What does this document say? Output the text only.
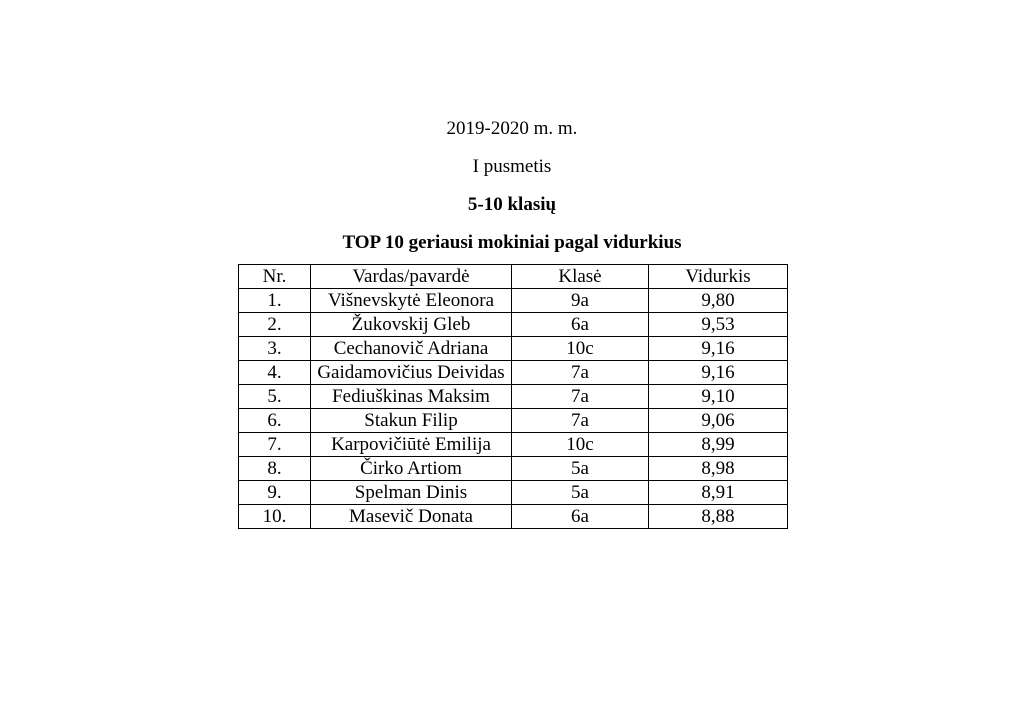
2019-2020 m. m.
I pusmetis
5-10 klasių
TOP 10 geriausi mokiniai pagal vidurkius
Nr.	Vardas/pavardė	Klasė	Vidurkis
1.	Višnevskytė Eleonora	9a	9,80
2.	Žukovskij Gleb	6a	9,53
3.	Cechanovič Adriana	10c	9,16
4.	Gaidamovičius Deividas	7a	9,16
5.	Fediuškinas Maksim	7a	9,10
6.	Stakun Filip	7a	9,06
7.	Karpovičiūtė Emilija	10c	8,99
8.	Čirko Artiom	5a	8,98
9.	Spelman Dinis	5a	8,91
10.	Masevič Donata	6a	8,88
